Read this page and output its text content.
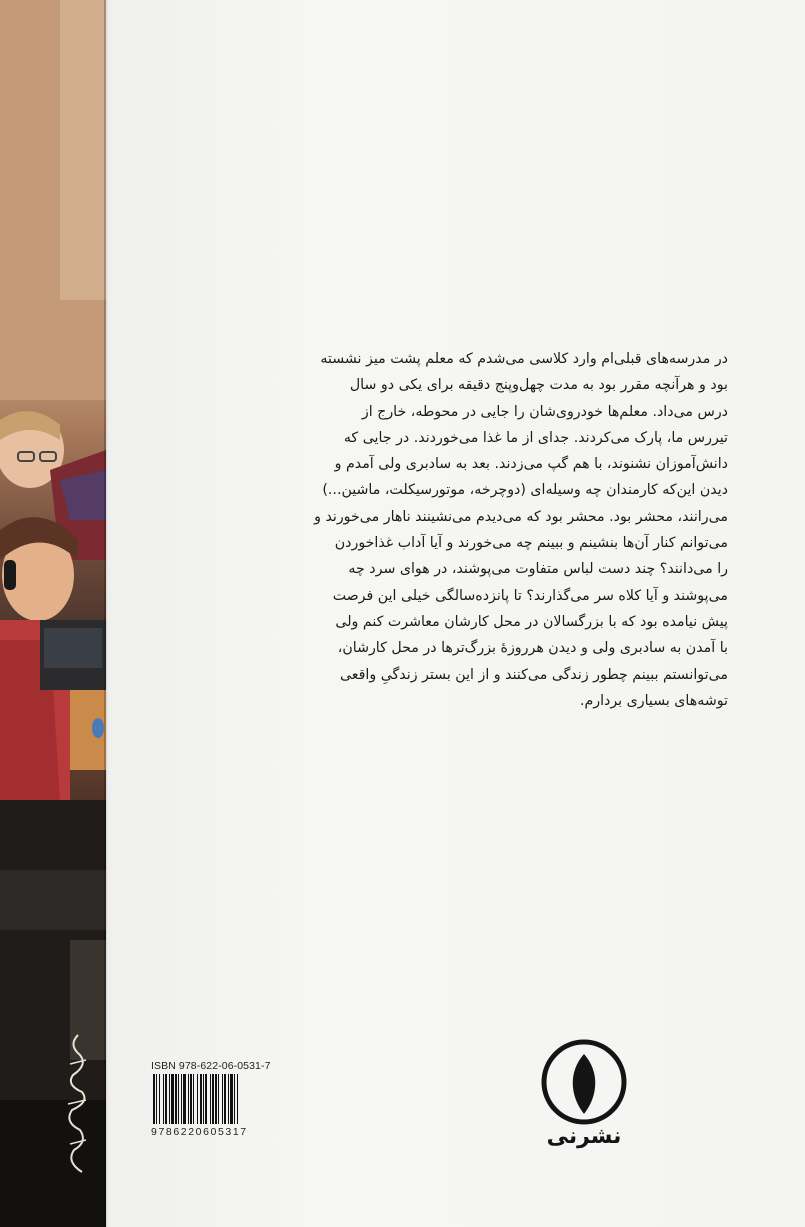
در مدرسه‌های قبلی‌ام وارد کلاسی می‌شدم که معلم پشت میز نشسته
بود و هرآنچه مقرر بود به مدت چهل‌وپنج دقیقه برای یکی دو سال
درس می‌داد. معلم‌ها خودروی‌شان را جایی در محوطه، خارج از
تیررس ما، پارک می‌کردند. جدای از ما غذا می‌خوردند. در جایی که
دانش‌آموزان نشنوند، با هم گپ می‌زدند. بعد به سادبری ولی آمدم و
دیدن این‌که کارمندان چه وسیله‌ای (دوچرخه، موتورسیکلت، ماشین...)
می‌رانند، محشر بود. محشر بود که می‌دیدم می‌نشینند ناهار می‌خورند و
می‌توانم کنار آن‌ها بنشینم و ببینم چه می‌خورند و آیا آداب غذاخوردن
را می‌دانند؟ چند دست لباس متفاوت می‌پوشند، در هوای سرد چه
می‌پوشند و آیا کلاه سر می‌گذارند؟ تا پانزده‌سالگی خیلی این فرصت
پیش نیامده بود که با بزرگسالان در محل کارشان معاشرت کنم ولی
با آمدن به سادبری ولی و دیدن هرروزهٔ بزرگ‌ترها در محل کارشان،
می‌توانستم ببینم چطور زندگی می‌کنند و از این بستر زندگیِ واقعی
توشه‌های بسیاری بردارم.
ISBN 978-622-06-0531-7
9786220605317	نشرنی
